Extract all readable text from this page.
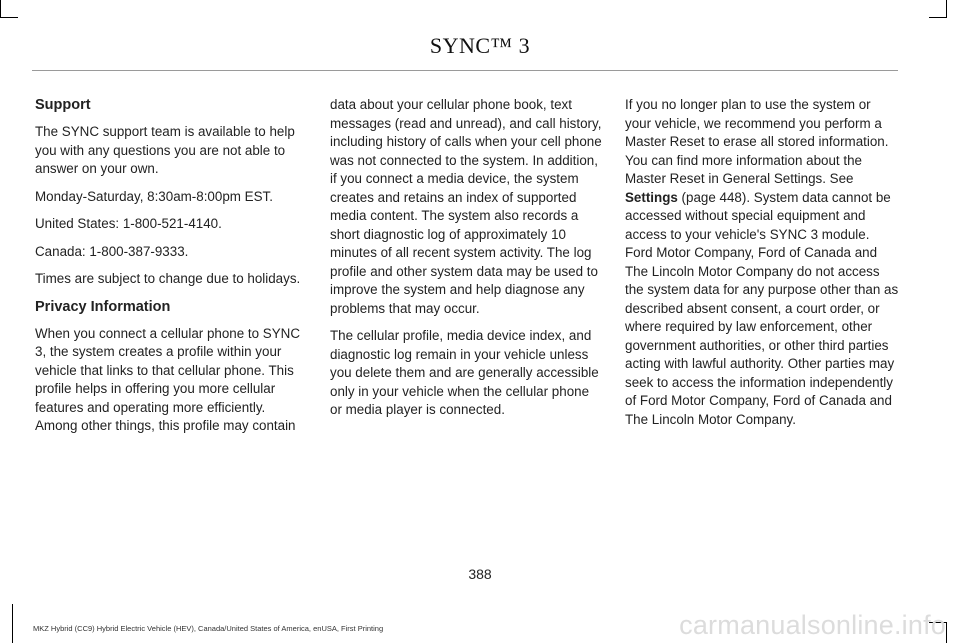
SYNC™ 3
Support

The SYNC support team is available to help you with any questions you are not able to answer on your own.

Monday-Saturday, 8:30am-8:00pm EST.

United States: 1-800-521-4140.

Canada: 1-800-387-9333.

Times are subject to change due to holidays.

Privacy Information

When you connect a cellular phone to SYNC 3, the system creates a profile within your vehicle that links to that cellular phone. This profile helps in offering you more cellular features and operating more efficiently. Among other things, this profile may contain

data about your cellular phone book, text messages (read and unread), and call history, including history of calls when your cell phone was not connected to the system. In addition, if you connect a media device, the system creates and retains an index of supported media content. The system also records a short diagnostic log of approximately 10 minutes of all recent system activity. The log profile and other system data may be used to improve the system and help diagnose any problems that may occur.

The cellular profile, media device index, and diagnostic log remain in your vehicle unless you delete them and are generally accessible only in your vehicle when the cellular phone or media player is connected.

If you no longer plan to use the system or your vehicle, we recommend you perform a Master Reset to erase all stored information. You can find more information about the Master Reset in General Settings. See Settings (page 448). System data cannot be accessed without special equipment and access to your vehicle's SYNC 3 module. Ford Motor Company, Ford of Canada and The Lincoln Motor Company do not access the system data for any purpose other than as described absent consent, a court order, or where required by law enforcement, other government authorities, or other third parties acting with lawful authority. Other parties may seek to access the information independently of Ford Motor Company, Ford of Canada and The Lincoln Motor Company.

388
MKZ Hybrid (CC9) Hybrid Electric Vehicle (HEV), Canada/United States of America, enUSA, First Printing	carmanualsonline.info
